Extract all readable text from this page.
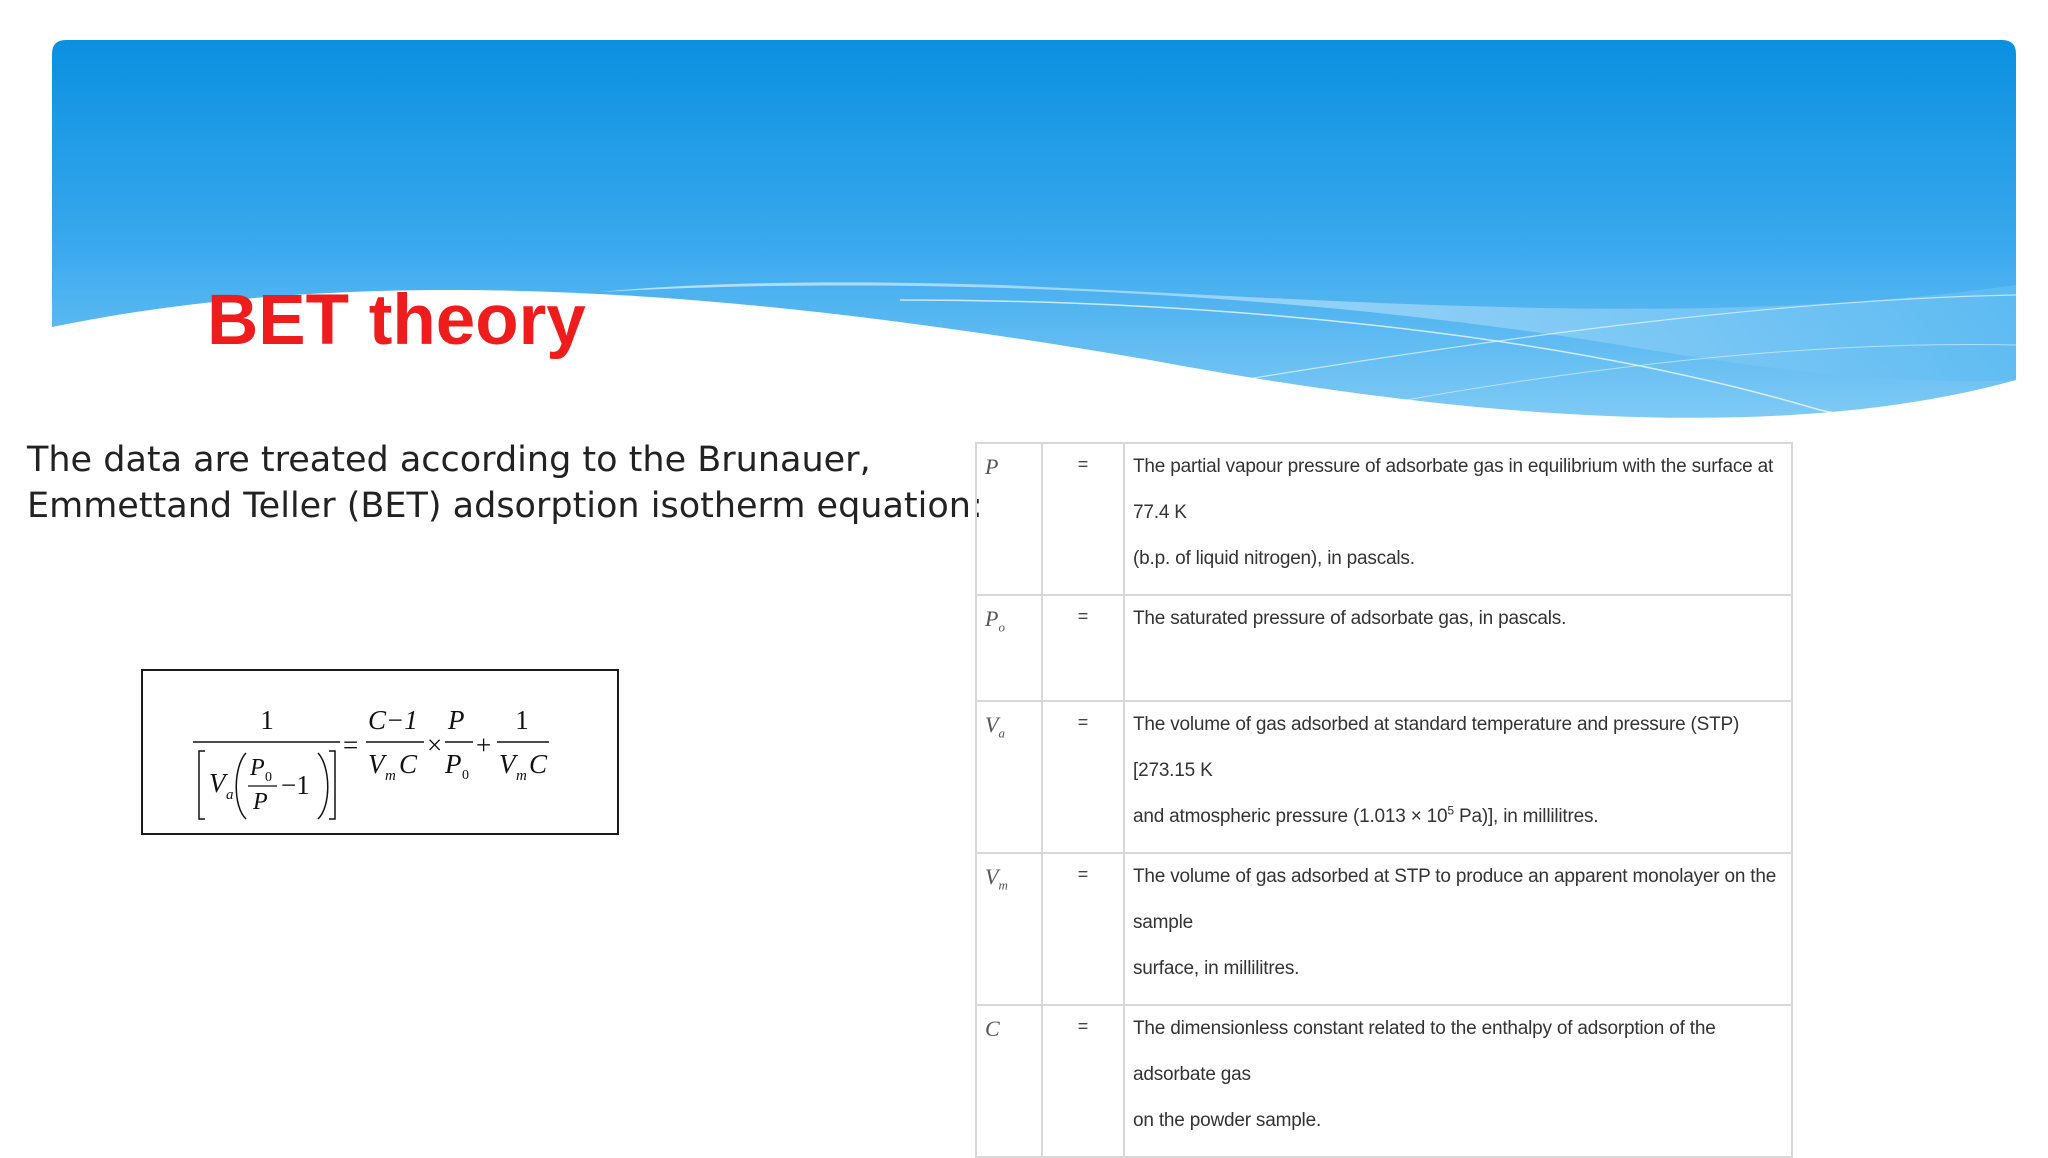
BET theory

The data are treated according to the Brunauer,
Emmettand Teller (BET) adsorption isotherm equation:

1
V a
P 0
P
−1
=
C−1
V m C
×
P
P 0
+
1
V m C
P	=	The partial vapour pressure of adsorbate gas in equilibrium with the surface at 77.4 K
(b.p. of liquid nitrogen), in pascals.

$P_o$	=	The saturated pressure of adsorbate gas, in pascals.

$V_a$	=	The volume of gas adsorbed at standard temperature and pressure (STP) [273.15 K
and atmospheric pressure ($1.013 \times 10^5$ Pa)], in millilitres.

$V_m$	=	The volume of gas adsorbed at STP to produce an apparent monolayer on the sample
surface, in millilitres.

C	=	The dimensionless constant related to the enthalpy of adsorption of the adsorbate gas
on the powder sample.
